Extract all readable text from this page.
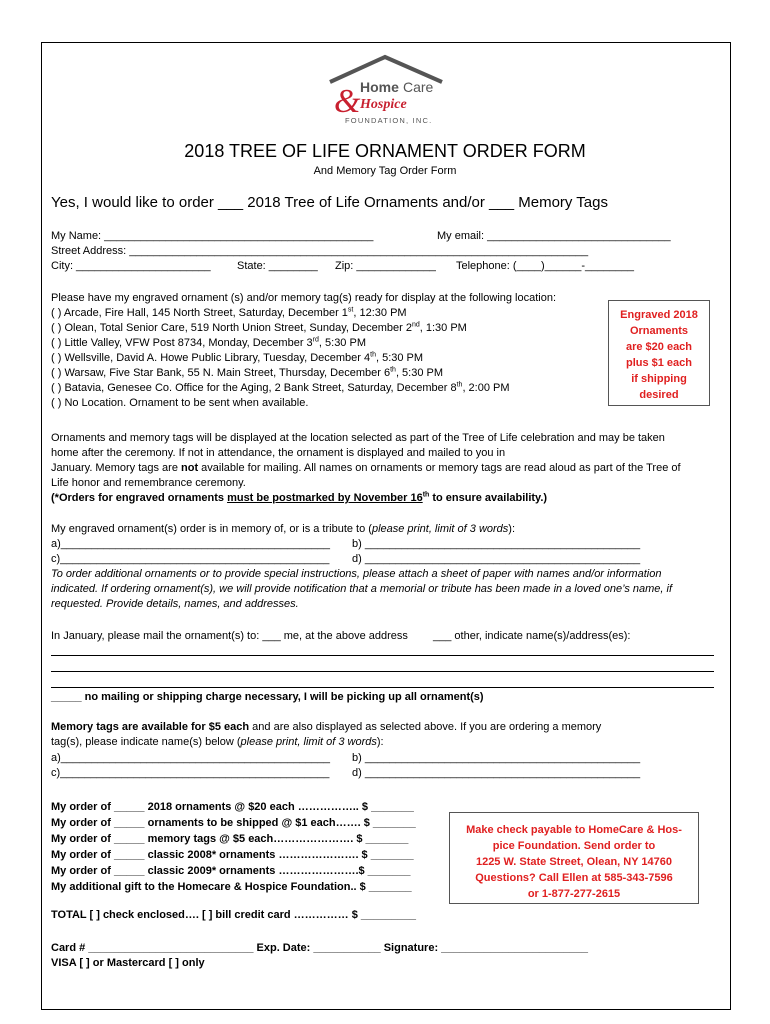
& Home Care
Hospice
FOUNDATION, INC.
2018 TREE OF LIFE ORNAMENT ORDER FORM
And Memory Tag Order Form
Yes, I would like to order ___ 2018 Tree of Life Ornaments and/or ___ Memory Tags
My Name: ____________________________________________	My email: ______________________________
Street Address: ___________________________________________________________________________
City: ______________________ State: ________ Zip: _____________ Telephone: (____)______-________
Please have my engraved ornament (s) and/or memory tag(s) ready for display at the following location:
( ) Arcade, Fire Hall, 145 North Street, Saturday, December 1st, 12:30 PM
( ) Olean, Total Senior Care, 519 North Union Street, Sunday, December 2nd, 1:30 PM
( ) Little Valley, VFW Post 8734, Monday, December 3rd, 5:30 PM
( ) Wellsville, David A. Howe Public Library, Tuesday, December 4th, 5:30 PM
( ) Warsaw, Five Star Bank, 55 N. Main Street, Thursday, December 6th, 5:30 PM
( ) Batavia, Genesee Co. Office for the Aging, 2 Bank Street, Saturday, December 8th, 2:00 PM
( ) No Location. Ornament to be sent when available.
Engraved 2018
Ornaments
are $20 each
plus $1 each
if shipping
desired
Ornaments and memory tags will be displayed at the location selected as part of the Tree of Life celebration and may be taken
home after the ceremony. If not in attendance, the ornament is displayed and mailed to you in
January. Memory tags are not available for mailing. All names on ornaments or memory tags are read aloud as part of the Tree of
Life honor and remembrance ceremony.
(*Orders for engraved ornaments must be postmarked by November 16th to ensure availability.)
My engraved ornament(s) order is in memory of, or is a tribute to (please print, limit of 3 words):
a)____________________________________________ b) _____________________________________________
c)____________________________________________ d) _____________________________________________
To order additional ornaments or to provide special instructions, please attach a sheet of paper with names and/or information
indicated. If ordering ornament(s), we will provide notification that a memorial or tribute has been made in a loved one’s name, if
requested. Provide details, names, and addresses.
In January, please mail the ornament(s) to: ___ me, at the above address ___ other, indicate name(s)/address(es):
_____ no mailing or shipping charge necessary, I will be picking up all ornament(s)
Memory tags are available for $5 each and are also displayed as selected above. If you are ordering a memory
tag(s), please indicate name(s) below (please print, limit of 3 words):
a)____________________________________________ b) _____________________________________________
c)____________________________________________ d) _____________________________________________
My order of _____ 2018 ornaments @ $20 each …………….. $ _______
My order of _____ ornaments to be shipped @ $1 each……. $ _______
My order of _____ memory tags @ $5 each…………………. $ _______
My order of _____ classic 2008* ornaments …………………. $ _______
My order of _____ classic 2009* ornaments ………………….$ _______
My additional gift to the Homecare & Hospice Foundation.. $ _______
Make check payable to HomeCare & Hos-
pice Foundation. Send order to
1225 W. State Street, Olean, NY 14760
Questions? Call Ellen at 585-343-7596
or 1-877-277-2615
TOTAL [ ] check enclosed…. [ ] bill credit card …………… $ _________
Card # ___________________________ Exp. Date: ___________ Signature: ________________________
VISA [ ] or Mastercard [ ] only
